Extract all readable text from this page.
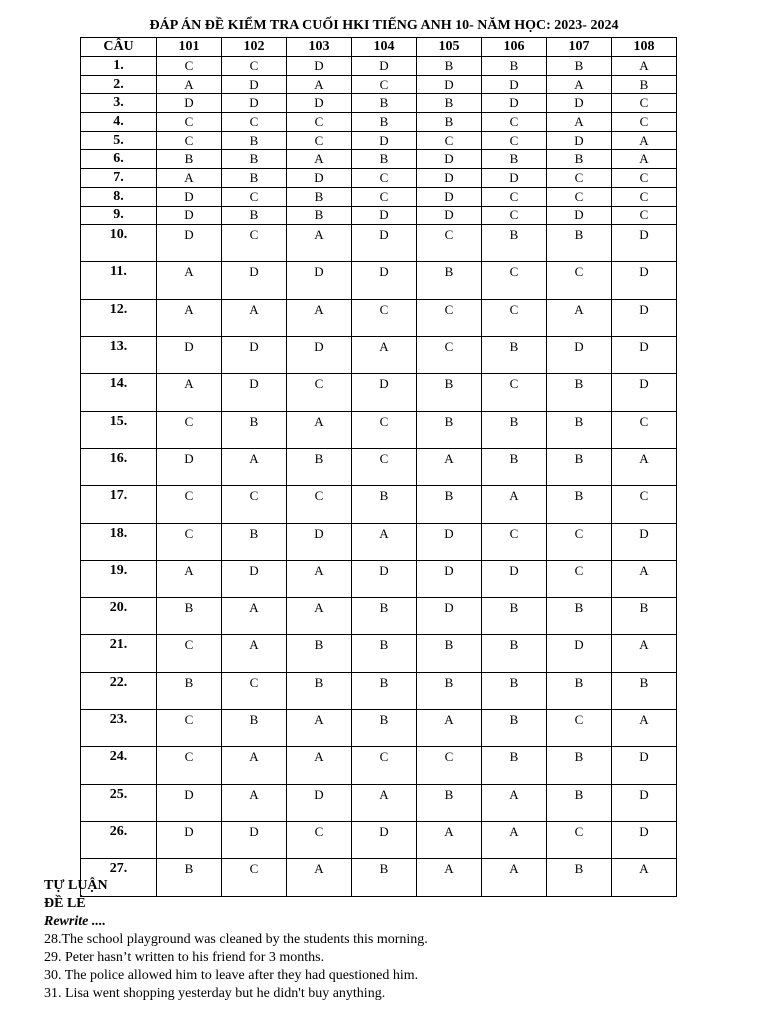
ĐÁP ÁN ĐỀ KIỂM TRA CUỐI HKI TIẾNG ANH 10- NĂM HỌC: 2023- 2024
CÂU	101	102	103	104	105	106	107	108
1.	C	C	D	D	B	B	B	A
2.	A	D	A	C	D	D	A	B
3.	D	D	D	B	B	D	D	C
4.	C	C	C	B	B	C	A	C
5.	C	B	C	D	C	C	D	A
6.	B	B	A	B	D	B	B	A
7.	A	B	D	C	D	D	C	C
8.	D	C	B	C	D	C	C	C
9.	D	B	B	D	D	C	D	C
10.	D	C	A	D	C	B	B	D
11.	A	D	D	D	B	C	C	D
12.	A	A	A	C	C	C	A	D
13.	D	D	D	A	C	B	D	D
14.	A	D	C	D	B	C	B	D
15.	C	B	A	C	B	B	B	C
16.	D	A	B	C	A	B	B	A
17.	C	C	C	B	B	A	B	C
18.	C	B	D	A	D	C	C	D
19.	A	D	A	D	D	D	C	A
20.	B	A	A	B	D	B	B	B
21.	C	A	B	B	B	B	D	A
22.	B	C	B	B	B	B	B	B
23.	C	B	A	B	A	B	C	A
24.	C	A	A	C	C	B	B	D
25.	D	A	D	A	B	A	B	D
26.	D	D	C	D	A	A	C	D
27.	B	C	A	B	A	A	B	A
TỰ LUẬN
ĐỀ LẺ
Rewrite ....
28.The school playground was cleaned by the students this morning.
29. Peter hasn’t written to his friend for 3 months.
30. The police allowed him to leave after they had questioned him.
31. Lisa went shopping yesterday but he didn't buy anything.
